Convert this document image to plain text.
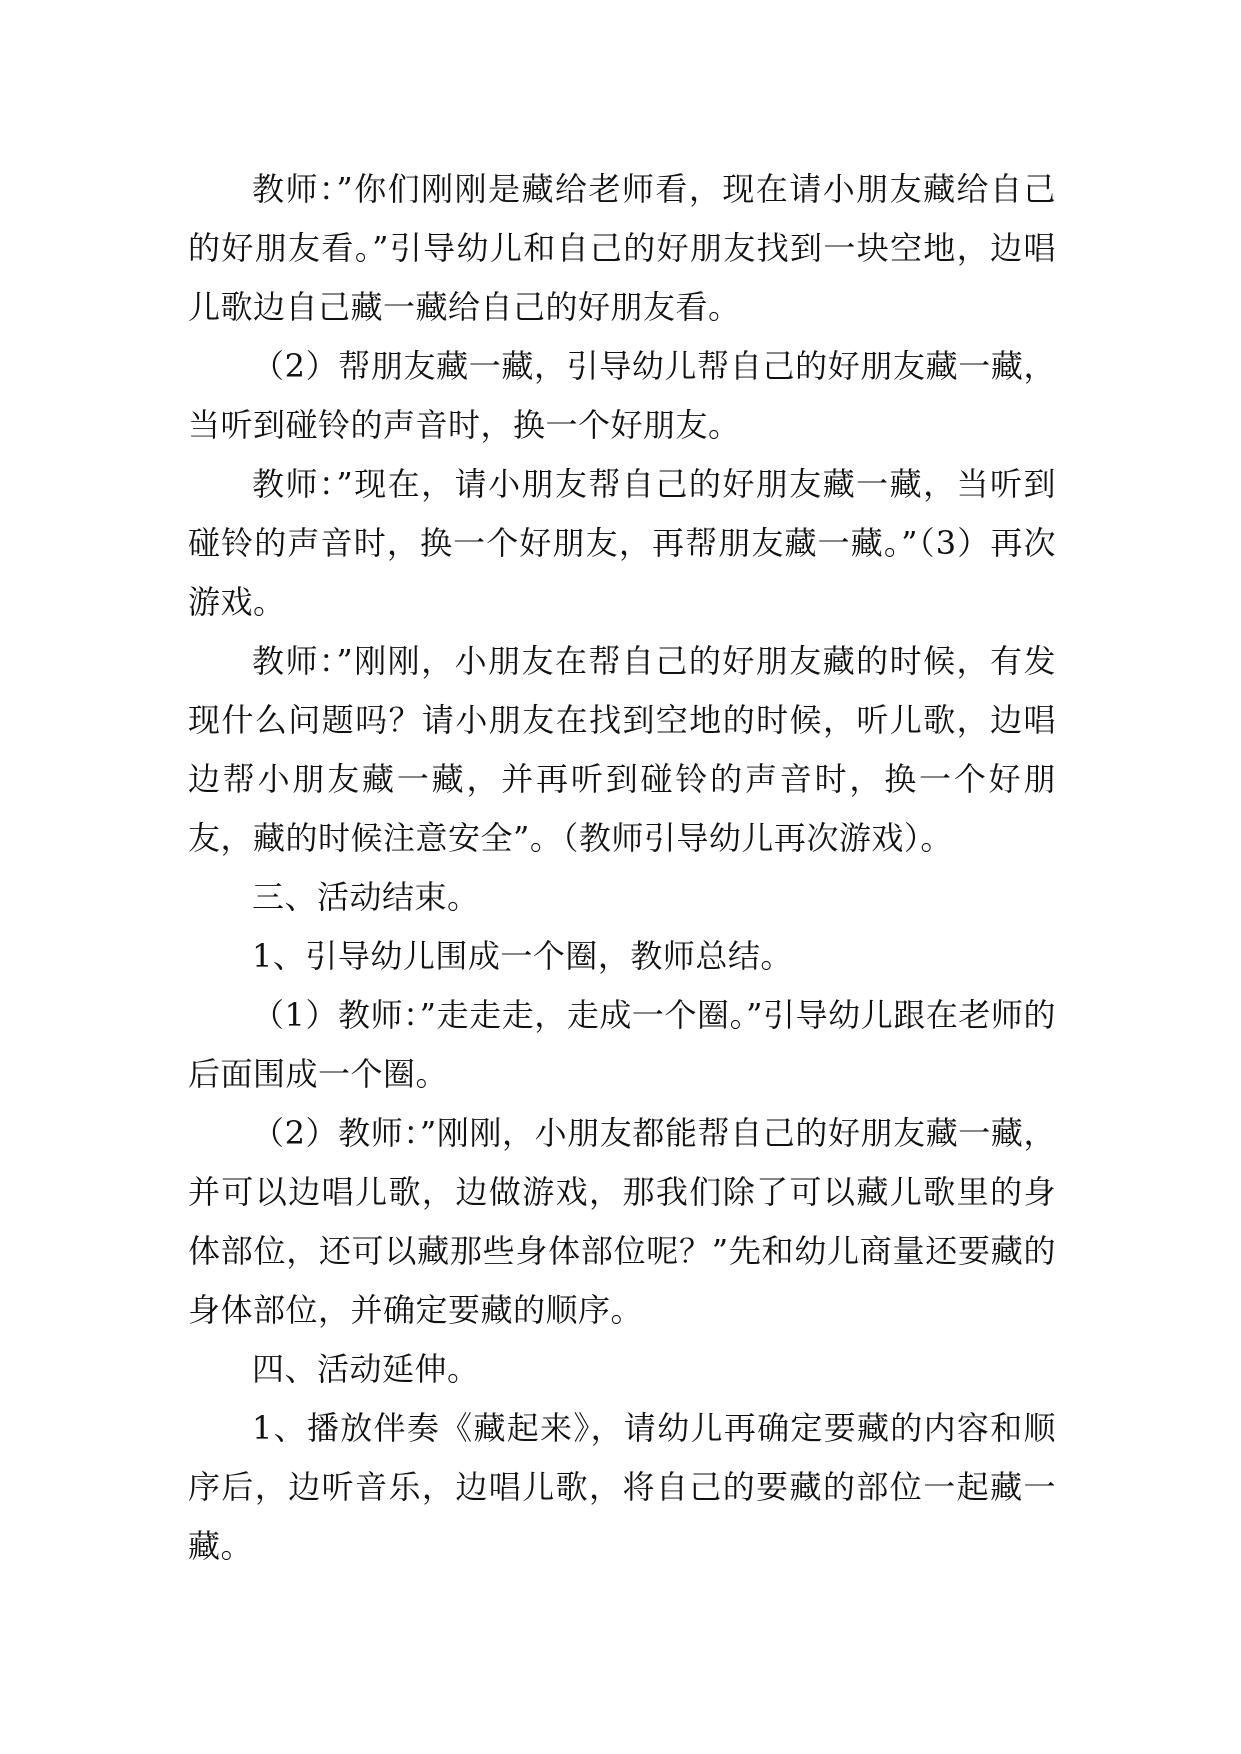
教师：”你们刚刚是藏给老师看，现在请小朋友藏给自己的好朋友看。”引导幼儿和自己的好朋友找到一块空地，边唱儿歌边自己藏一藏给自己的好朋友看。

（2）帮朋友藏一藏，引导幼儿帮自己的好朋友藏一藏，当听到碰铃的声音时，换一个好朋友。

教师：”现在，请小朋友帮自己的好朋友藏一藏，当听到碰铃的声音时，换一个好朋友，再帮朋友藏一藏。”（3）再次游戏。

教师：”刚刚，小朋友在帮自己的好朋友藏的时候，有发现什么问题吗？请小朋友在找到空地的时候，听儿歌，边唱边帮小朋友藏一藏，并再听到碰铃的声音时，换一个好朋友，藏的时候注意安全”。（教师引导幼儿再次游戏）。

三、活动结束。

1、引导幼儿围成一个圈，教师总结。

（1）教师：”走走走，走成一个圈。”引导幼儿跟在老师的后面围成一个圈。

（2）教师：”刚刚，小朋友都能帮自己的好朋友藏一藏，并可以边唱儿歌，边做游戏，那我们除了可以藏儿歌里的身体部位，还可以藏那些身体部位呢？”先和幼儿商量还要藏的身体部位，并确定要藏的顺序。

四、活动延伸。

1、播放伴奏《藏起来》，请幼儿再确定要藏的内容和顺序后，边听音乐，边唱儿歌，将自己的要藏的部位一起藏一藏。
